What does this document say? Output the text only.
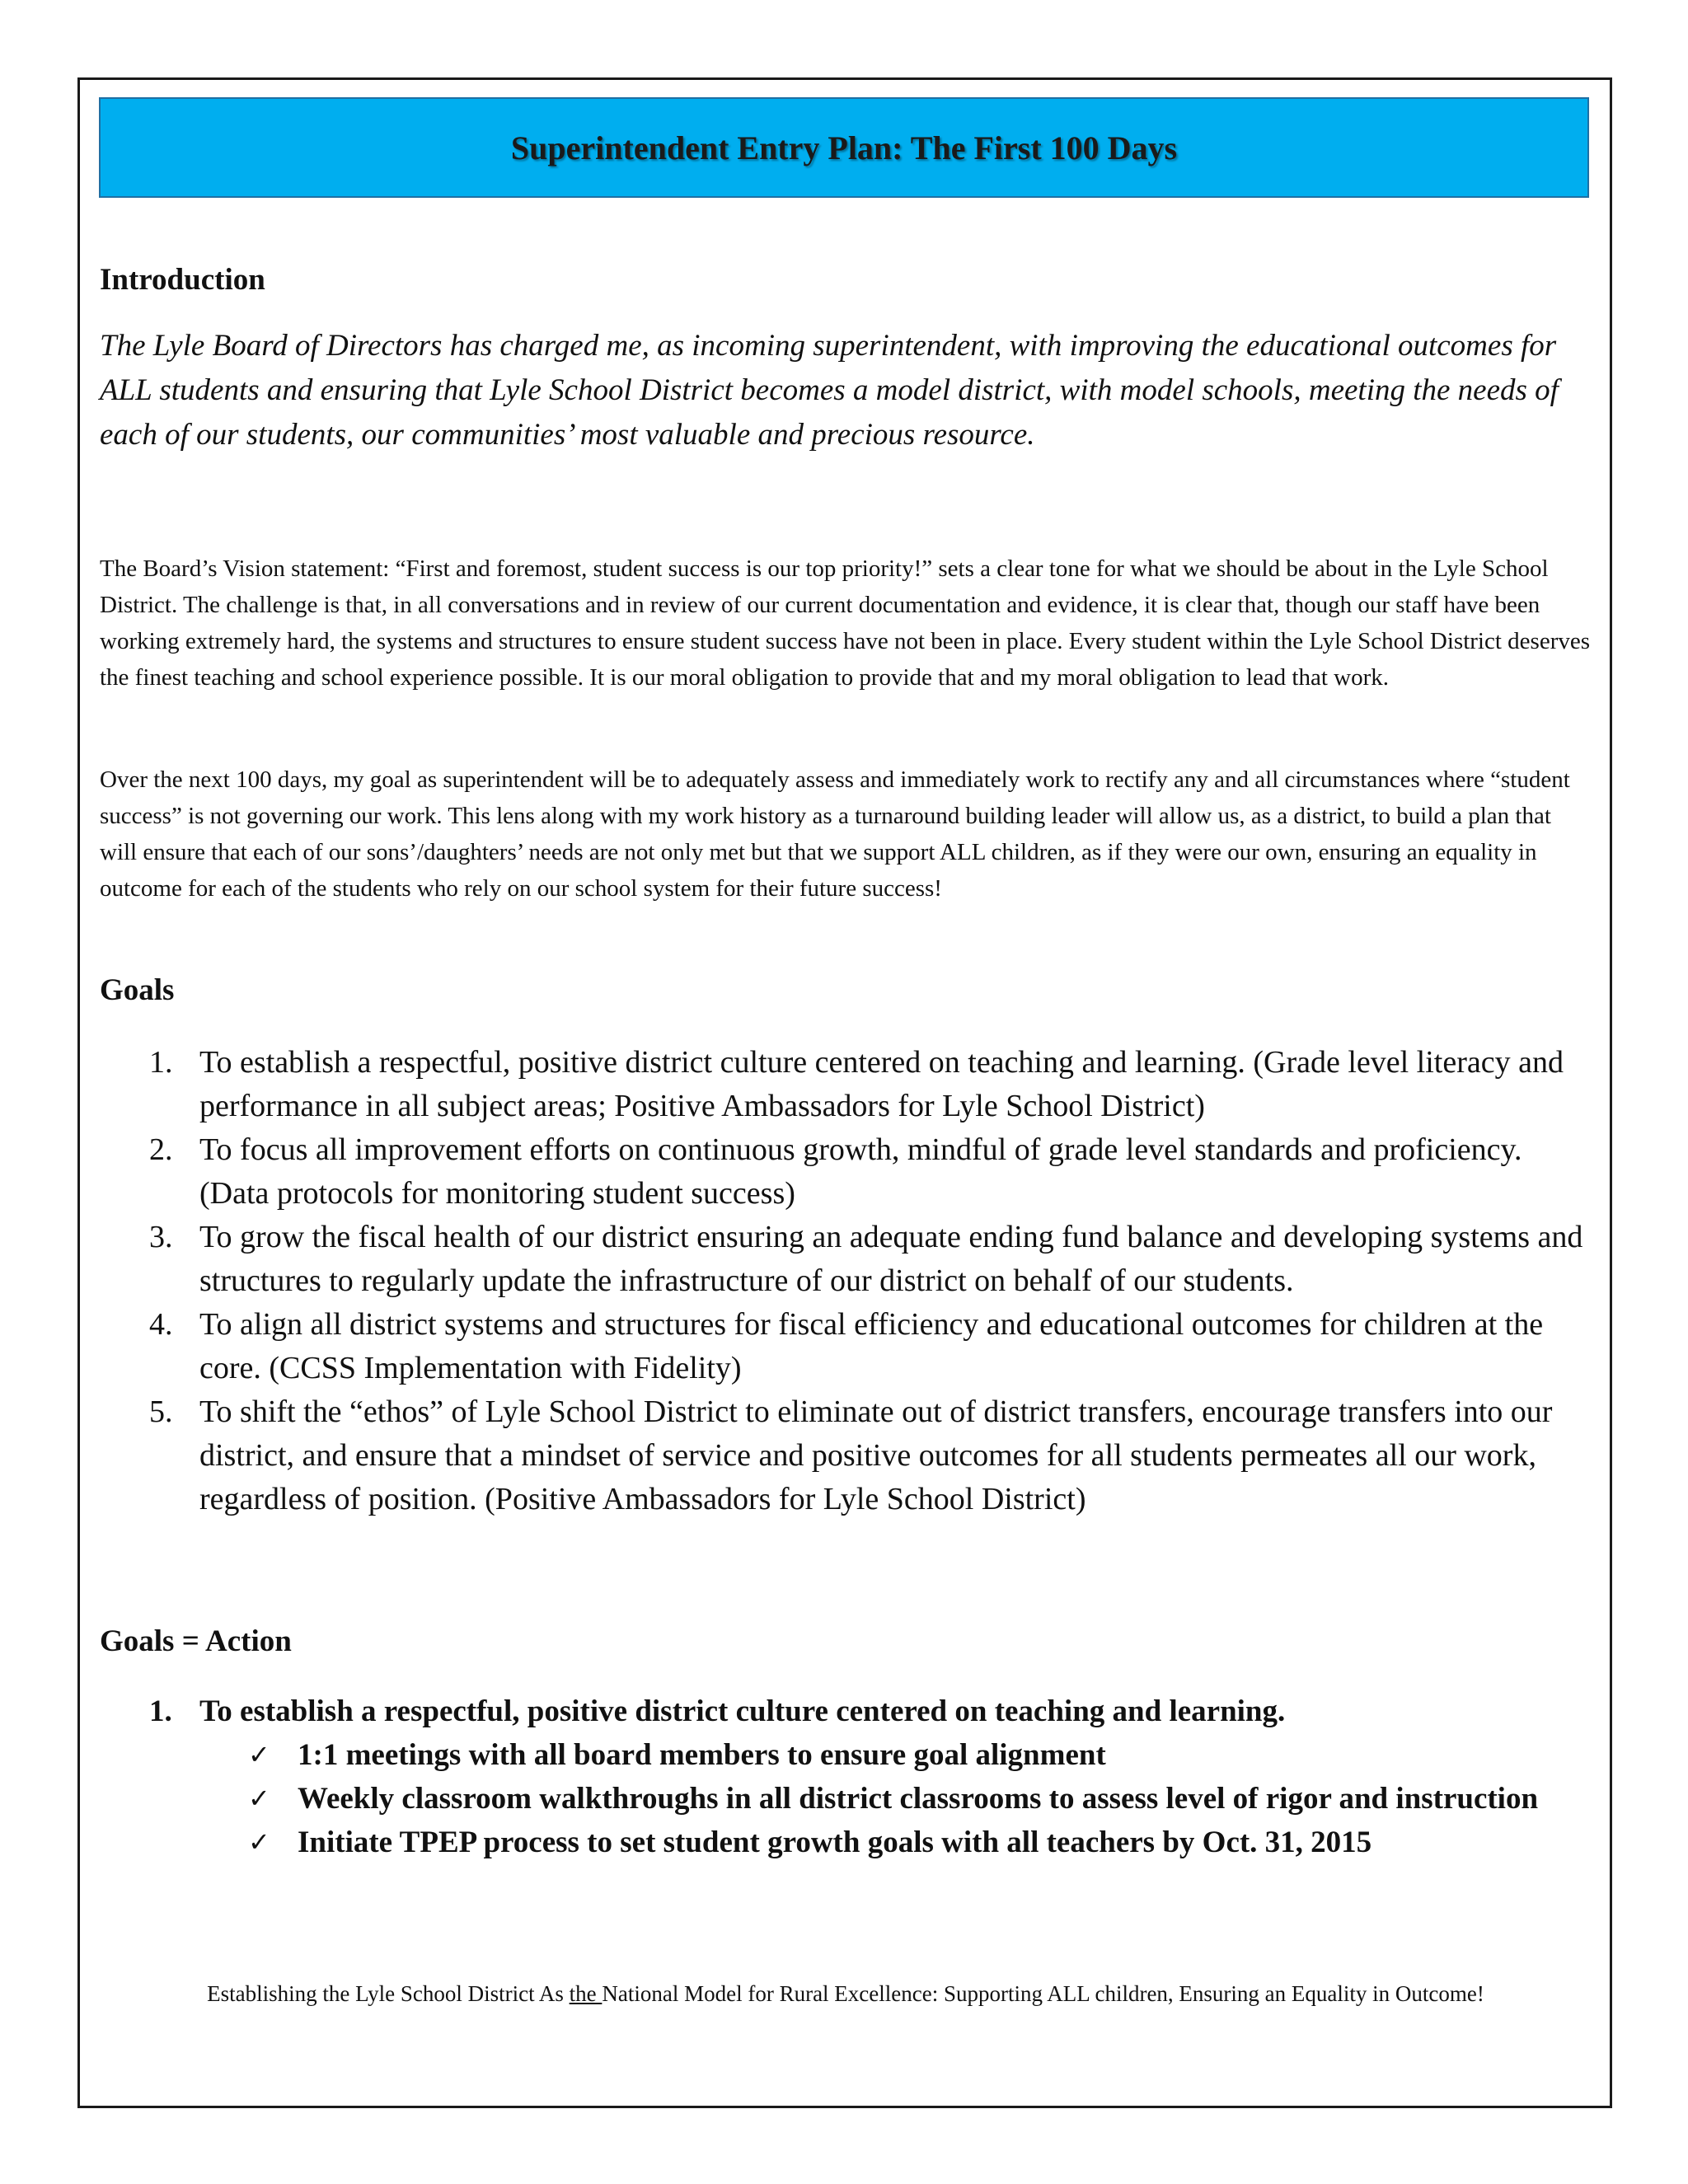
Superintendent Entry Plan: The First 100 Days

Introduction

The Lyle Board of Directors has charged me, as incoming superintendent, with improving the educational outcomes for ALL students and ensuring that Lyle School District becomes a model district, with model schools, meeting the needs of each of our students, our communities’ most valuable and precious resource.

The Board’s Vision statement: “First and foremost, student success is our top priority!” sets a clear tone for what we should be about in the Lyle School District. The challenge is that, in all conversations and in review of our current documentation and evidence, it is clear that, though our staff have been working extremely hard, the systems and structures to ensure student success have not been in place. Every student within the Lyle School District deserves the finest teaching and school experience possible. It is our moral obligation to provide that and my moral obligation to lead that work.

Over the next 100 days, my goal as superintendent will be to adequately assess and immediately work to rectify any and all circumstances where “student success” is not governing our work. This lens along with my work history as a turnaround building leader will allow us, as a district, to build a plan that will ensure that each of our sons’/daughters’ needs are not only met but that we support ALL children, as if they were our own, ensuring an equality in outcome for each of the students who rely on our school system for their future success!

Goals

1. To establish a respectful, positive district culture centered on teaching and learning. (Grade level literacy and performance in all subject areas; Positive Ambassadors for Lyle School District)
2. To focus all improvement efforts on continuous growth, mindful of grade level standards and proficiency. (Data protocols for monitoring student success)
3. To grow the fiscal health of our district ensuring an adequate ending fund balance and developing systems and structures to regularly update the infrastructure of our district on behalf of our students.
4. To align all district systems and structures for fiscal efficiency and educational outcomes for children at the core. (CCSS Implementation with Fidelity)
5. To shift the “ethos” of Lyle School District to eliminate out of district transfers, encourage transfers into our district, and ensure that a mindset of service and positive outcomes for all students permeates all our work, regardless of position. (Positive Ambassadors for Lyle School District)

Goals = Action

1. To establish a respectful, positive district culture centered on teaching and learning.
✓ 1:1 meetings with all board members to ensure goal alignment
✓ Weekly classroom walkthroughs in all district classrooms to assess level of rigor and instruction
✓ Initiate TPEP process to set student growth goals with all teachers by Oct. 31, 2015
Establishing the Lyle School District As the National Model for Rural Excellence: Supporting ALL children, Ensuring an Equality in Outcome!
